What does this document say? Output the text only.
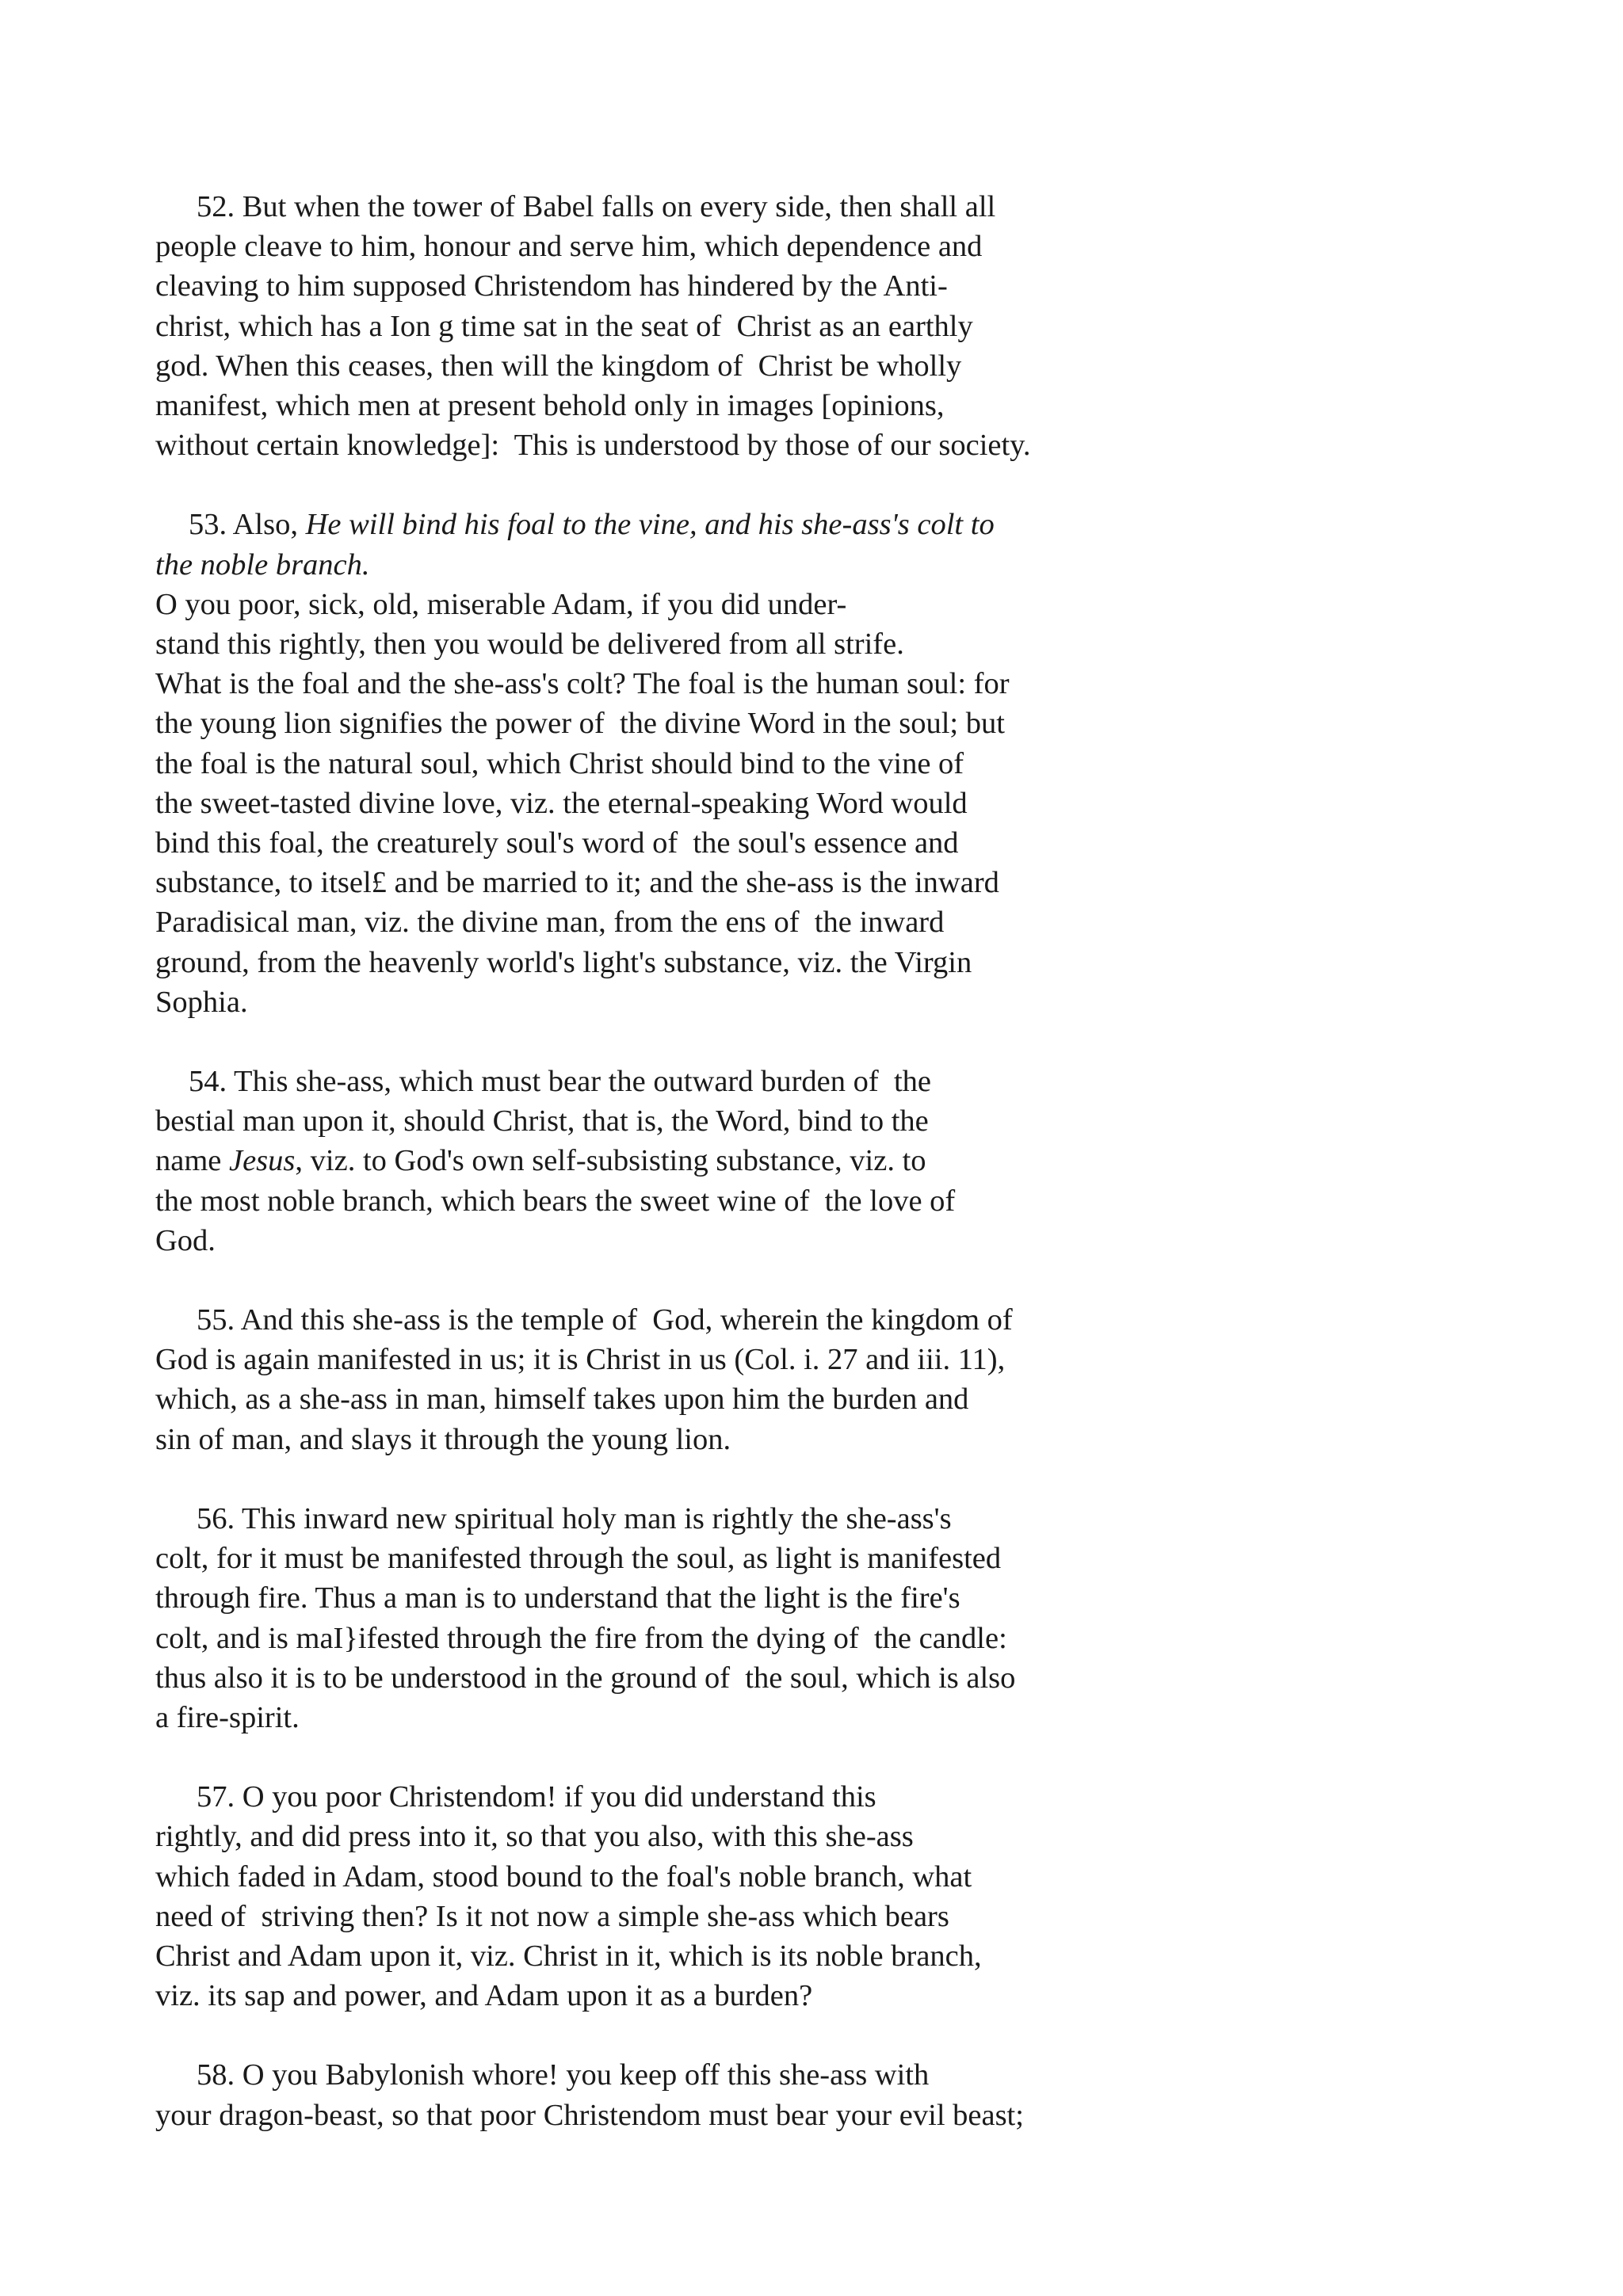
52. But when the tower of Babel falls on every side, then shall all
people cleave to him, honour and serve him, which dependence and
cleaving to him supposed Christendom has hindered by the Anti-
christ, which has a Ion g time sat in the seat of  Christ as an earthly
god. When this ceases, then will the kingdom of  Christ be wholly
manifest, which men at present behold only in images [opinions,
without certain knowledge]:  This is understood by those of our society.
53. Also, He will bind his foal to the vine, and his she-ass's colt to
the noble branch.
O you poor, sick, old, miserable Adam, if you did under-
stand this rightly, then you would be delivered from all strife.
What is the foal and the she-ass's colt? The foal is the human soul: for
the young lion signifies the power of  the divine Word in the soul; but
the foal is the natural soul, which Christ should bind to the vine of
the sweet-tasted divine love, viz. the eternal-speaking Word would
bind this foal, the creaturely soul's word of  the soul's essence and
substance, to itsel£ and be married to it; and the she-ass is the inward
Paradisical man, viz. the divine man, from the ens of  the inward
ground, from the heavenly world's light's substance, viz. the Virgin
Sophia.
54. This she-ass, which must bear the outward burden of  the
bestial man upon it, should Christ, that is, the Word, bind to the
name Jesus, viz. to God's own self-subsisting substance, viz. to
the most noble branch, which bears the sweet wine of  the love of
God.
55. And this she-ass is the temple of  God, wherein the kingdom of
God is again manifested in us; it is Christ in us (Col. i. 27 and iii. 11),
which, as a she-ass in man, himself takes upon him the burden and
sin of man, and slays it through the young lion.
56. This inward new spiritual holy man is rightly the she-ass's
colt, for it must be manifested through the soul, as light is manifested
through fire. Thus a man is to understand that the light is the fire's
colt, and is maI}ifested through the fire from the dying of  the candle:
thus also it is to be understood in the ground of  the soul, which is also
a fire-spirit.
57. O you poor Christendom! if you did understand this
rightly, and did press into it, so that you also, with this she-ass
which faded in Adam, stood bound to the foal's noble branch, what
need of  striving then? Is it not now a simple she-ass which bears
Christ and Adam upon it, viz. Christ in it, which is its noble branch,
viz. its sap and power, and Adam upon it as a burden?
58. O you Babylonish whore! you keep off this she-ass with
your dragon-beast, so that poor Christendom must bear your evil beast;
